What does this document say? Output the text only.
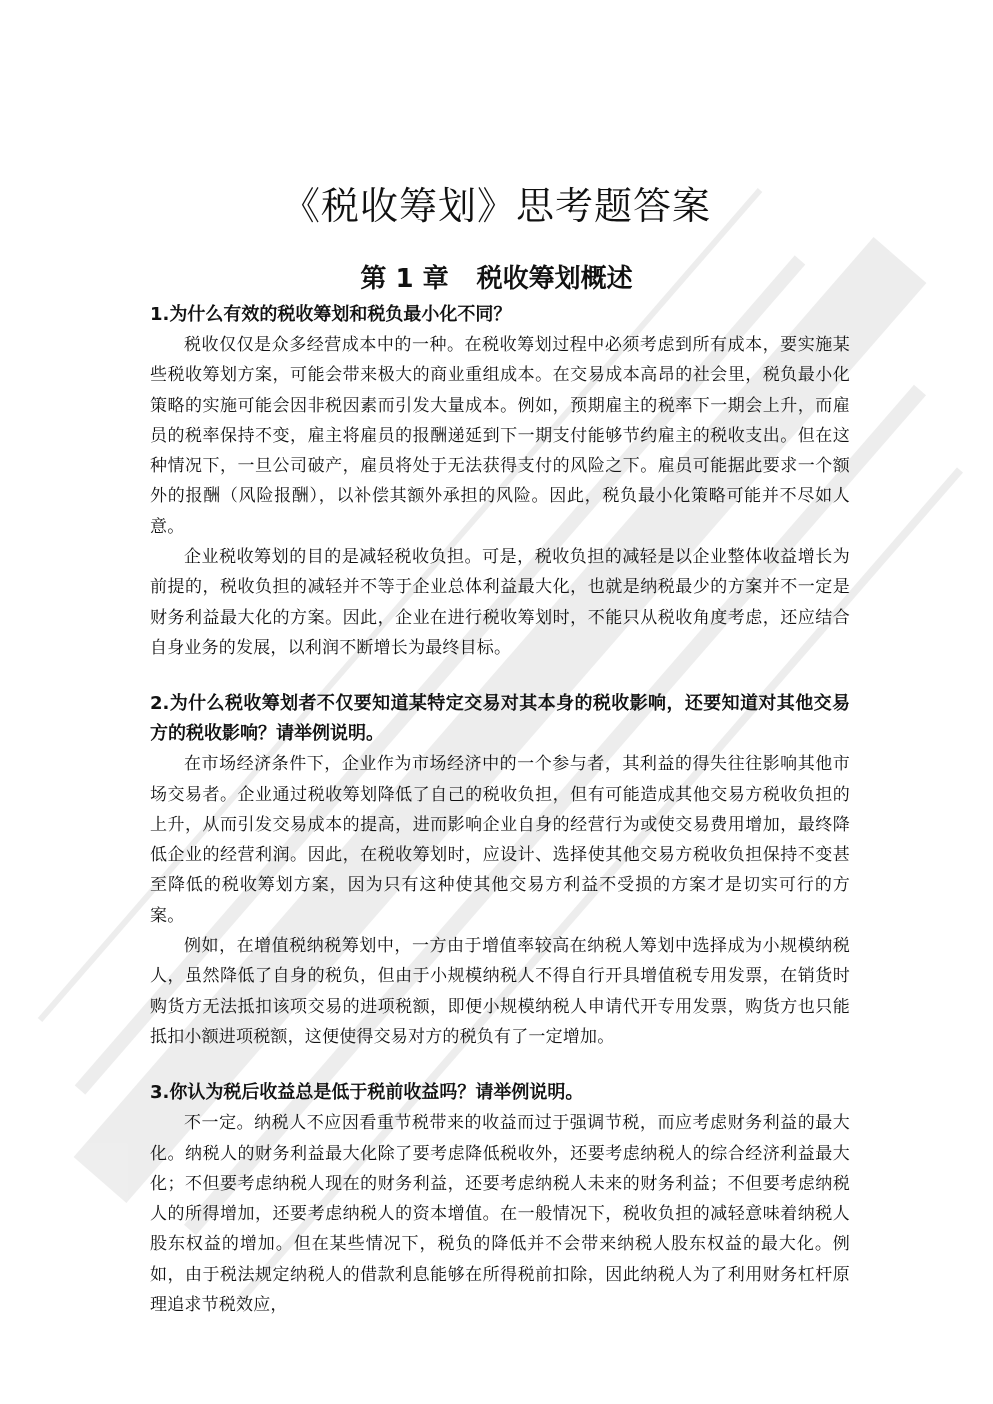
《税收筹划》思考题答案
第 1 章 税收筹划概述

1.为什么有效的税收筹划和税负最小化不同？

税收仅仅是众多经营成本中的一种。在税收筹划过程中必须考虑到所有成本，要实施某些税收筹划方案，可能会带来极大的商业重组成本。在交易成本高昂的社会里，税负最小化策略的实施可能会因非税因素而引发大量成本。例如，预期雇主的税率下一期会上升，而雇员的税率保持不变，雇主将雇员的报酬递延到下一期支付能够节约雇主的税收支出。但在这种情况下，一旦公司破产，雇员将处于无法获得支付的风险之下。雇员可能据此要求一个额外的报酬（风险报酬），以补偿其额外承担的风险。因此，税负最小化策略可能并不尽如人意。

企业税收筹划的目的是减轻税收负担。可是，税收负担的减轻是以企业整体收益增长为前提的，税收负担的减轻并不等于企业总体利益最大化，也就是纳税最少的方案并不一定是财务利益最大化的方案。因此，企业在进行税收筹划时，不能只从税收角度考虑，还应结合自身业务的发展，以利润不断增长为最终目标。

2.为什么税收筹划者不仅要知道某特定交易对其本身的税收影响，还要知道对其他交易方的税收影响？请举例说明。

在市场经济条件下，企业作为市场经济中的一个参与者，其利益的得失往往影响其他市场交易者。企业通过税收筹划降低了自己的税收负担，但有可能造成其他交易方税收负担的上升，从而引发交易成本的提高，进而影响企业自身的经营行为或使交易费用增加，最终降低企业的经营利润。因此，在税收筹划时，应设计、选择使其他交易方税收负担保持不变甚至降低的税收筹划方案，因为只有这种使其他交易方利益不受损的方案才是切实可行的方案。

例如，在增值税纳税筹划中，一方由于增值率较高在纳税人筹划中选择成为小规模纳税人，虽然降低了自身的税负，但由于小规模纳税人不得自行开具增值税专用发票，在销货时购货方无法抵扣该项交易的进项税额，即便小规模纳税人申请代开专用发票，购货方也只能抵扣小额进项税额，这便使得交易对方的税负有了一定增加。

3.你认为税后收益总是低于税前收益吗？请举例说明。

不一定。纳税人不应因看重节税带来的收益而过于强调节税，而应考虑财务利益的最大化。纳税人的财务利益最大化除了要考虑降低税收外，还要考虑纳税人的综合经济利益最大化；不但要考虑纳税人现在的财务利益，还要考虑纳税人未来的财务利益；不但要考虑纳税人的所得增加，还要考虑纳税人的资本增值。在一般情况下，税收负担的减轻意味着纳税人股东权益的增加。但在某些情况下，税负的降低并不会带来纳税人股东权益的最大化。例如，由于税法规定纳税人的借款利息能够在所得税前扣除，因此纳税人为了利用财务杠杆原理追求节税效应，
